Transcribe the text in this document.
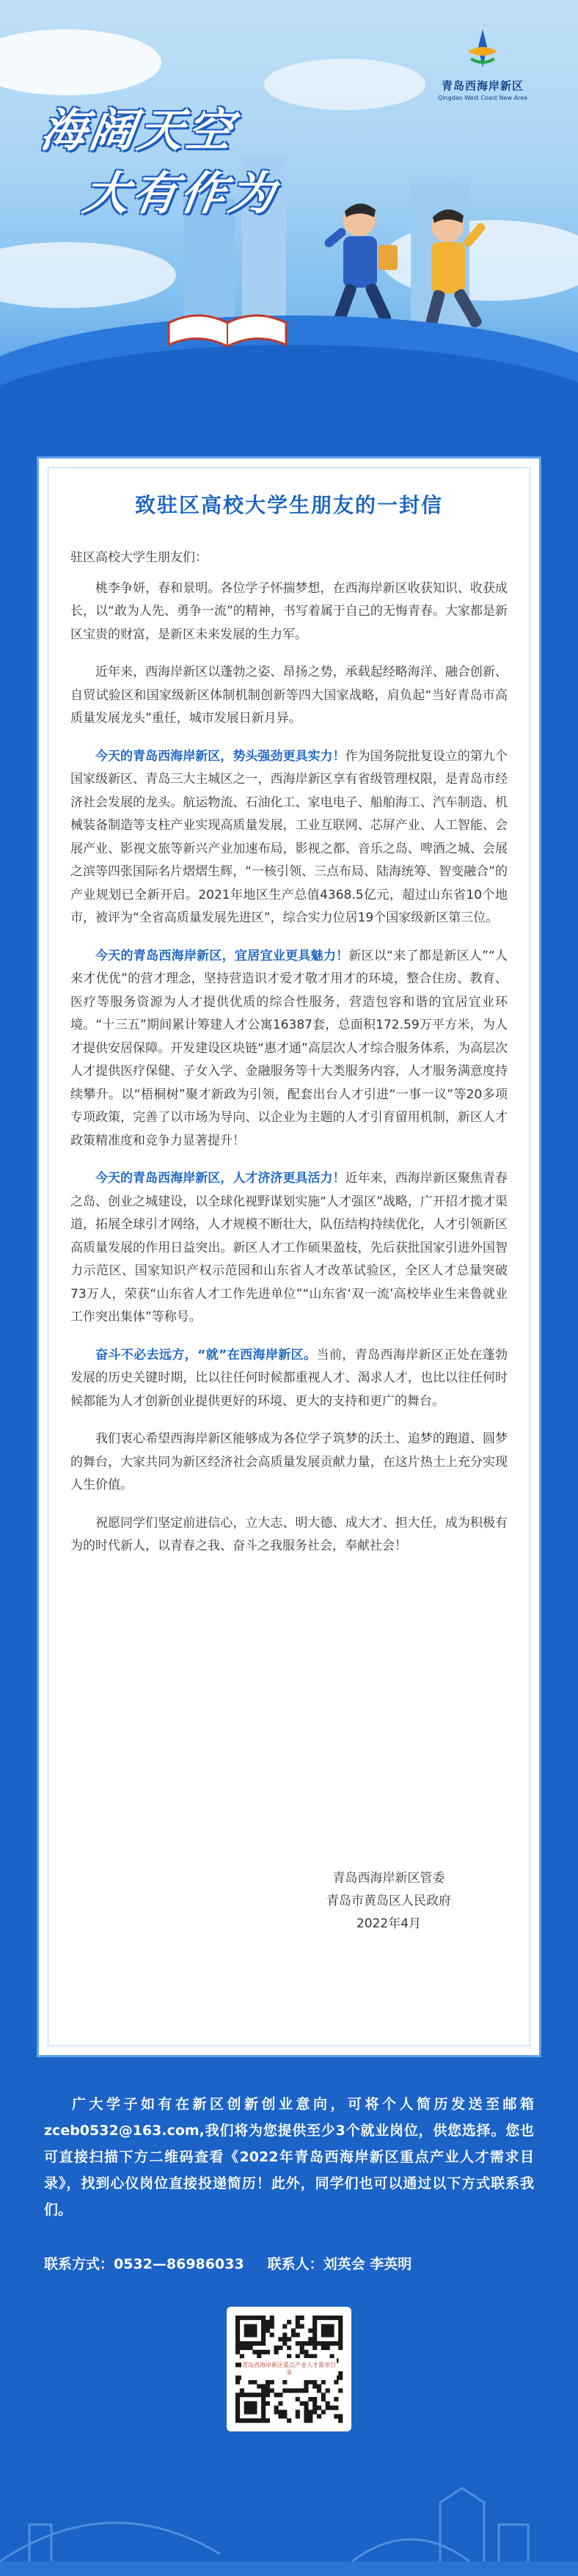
青岛西海岸新区
Qingdao West Coast New Area
海阔天空
大有作为
致驻区高校大学生朋友的一封信

驻区高校大学生朋友们：

桃李争妍，春和景明。各位学子怀揣梦想，在西海岸新区收获知识、收获成长，以“敢为人先、勇争一流”的精神，书写着属于自己的无悔青春。大家都是新区宝贵的财富，是新区未来发展的生力军。

近年来，西海岸新区以蓬勃之姿、昂扬之势，承载起经略海洋、融合创新、自贸试验区和国家级新区体制机制创新等四大国家战略，肩负起“当好青岛市高质量发展龙头”重任，城市发展日新月异。

今天的青岛西海岸新区，势头强劲更具实力！作为国务院批复设立的第九个国家级新区、青岛三大主城区之一，西海岸新区享有省级管理权限，是青岛市经济社会发展的龙头。航运物流、石油化工、家电电子、船舶海工、汽车制造、机械装备制造等支柱产业实现高质量发展，工业互联网、芯屏产业、人工智能、会展产业、影视文旅等新兴产业加速布局，影视之都、音乐之岛、啤酒之城、会展之滨等四张国际名片熠熠生辉，“一核引领、三点布局、陆海统筹、智变融合”的产业规划已全新开启。2021年地区生产总值4368.5亿元，超过山东省10个地市，被评为“全省高质量发展先进区”，综合实力位居19个国家级新区第三位。

今天的青岛西海岸新区，宜居宜业更具魅力！新区以“来了都是新区人”“人来才优优”的营才理念，坚持营造识才爱才敬才用才的环境，整合住房、教育、医疗等服务资源为人才提供优质的综合性服务，营造包容和谐的宜居宜业环境。“十三五”期间累计筹建人才公寓16387套，总面积172.59万平方米，为人才提供安居保障。开发建设区块链“惠才通”高层次人才综合服务体系，为高层次人才提供医疗保健、子女入学、金融服务等十大类服务内容，人才服务满意度持续攀升。以“梧桐树”聚才新政为引领，配套出台人才引进“一事一议”等20多项专项政策，完善了以市场为导向、以企业为主题的人才引育留用机制，新区人才政策精准度和竞争力显著提升！

今天的青岛西海岸新区，人才济济更具活力！近年来，西海岸新区聚焦青春之岛、创业之城建设，以全球化视野谋划实施“人才强区”战略，广开招才揽才渠道，拓展全球引才网络，人才规模不断壮大，队伍结构持续优化，人才引领新区高质量发展的作用日益突出。新区人才工作硕果盈枝，先后获批国家引进外国智力示范区、国家知识产权示范园和山东省人才改革试验区，全区人才总量突破73万人，荣获“山东省人才工作先进单位”“山东省‘双一流’高校毕业生来鲁就业工作突出集体”等称号。

奋斗不必去远方，“就”在西海岸新区。当前，青岛西海岸新区正处在蓬勃发展的历史关键时期，比以往任何时候都重视人才、渴求人才，也比以往任何时候都能为人才创新创业提供更好的环境、更大的支持和更广的舞台。

我们衷心希望西海岸新区能够成为各位学子筑梦的沃土、追梦的跑道、圆梦的舞台，大家共同为新区经济社会高质量发展贡献力量，在这片热土上充分实现人生价值。

祝愿同学们坚定前进信心，立大志、明大德、成大才、担大任，成为积极有为的时代新人，以青春之我、奋斗之我服务社会，奉献社会！

青岛西海岸新区管委
青岛市黄岛区人民政府
2022年4月

广大学子如有在新区创新创业意向，可将个人简历发送至邮箱zceb0532@163.com,我们将为您提供至少3个就业岗位，供您选择。您也可直接扫描下方二维码查看《2022年青岛西海岸新区重点产业人才需求目录》，找到心仪岗位直接投递简历！此外，同学们也可以通过以下方式联系我们。

联系方式：0532—86986033 联系人：刘英会 李英明
青岛西海岸新区重点产业人才需求目录
